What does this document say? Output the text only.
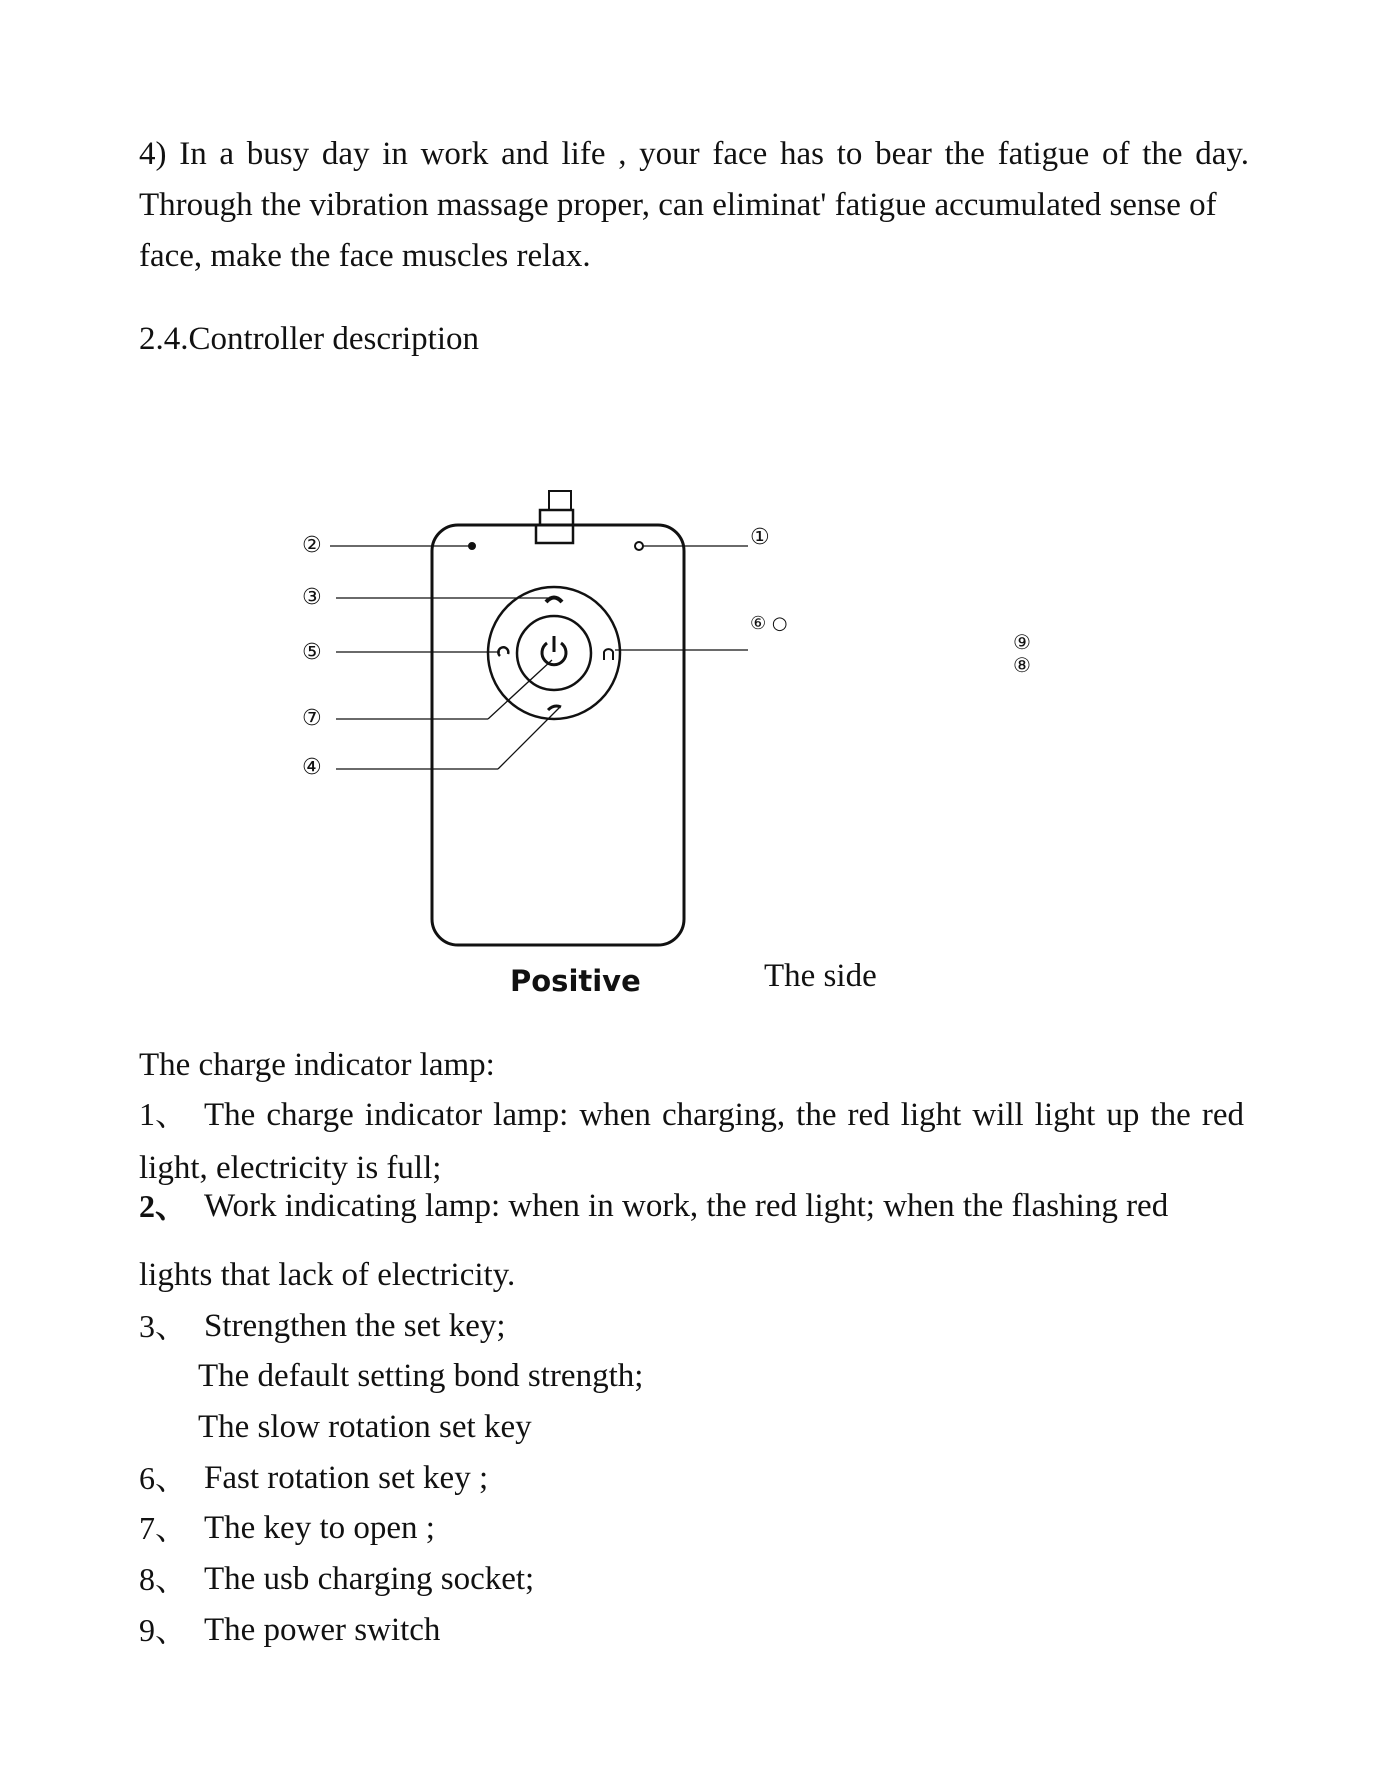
4) In a busy day in work and life , your face has to bear the fatigue of the day. Through the vibration massage proper, can eliminat' fatigue accumulated sense of
face, make the face muscles relax.
2.4.Controller description
②	①
③
⑤
⑥ ○
⑦
④
⑨
⑧
Positive	The side
The charge indicator lamp:
1、 The charge indicator lamp: when charging, the red light will light up the red
light, electricity is full;
2、 Work indicating lamp: when in work, the red light; when the flashing red
lights that lack of electricity.
3、 Strengthen the set key;
The default setting bond strength;
The slow rotation set key
6、 Fast rotation set key ;
7、 The key to open ;
8、 The usb charging socket;
9、 The power switch
